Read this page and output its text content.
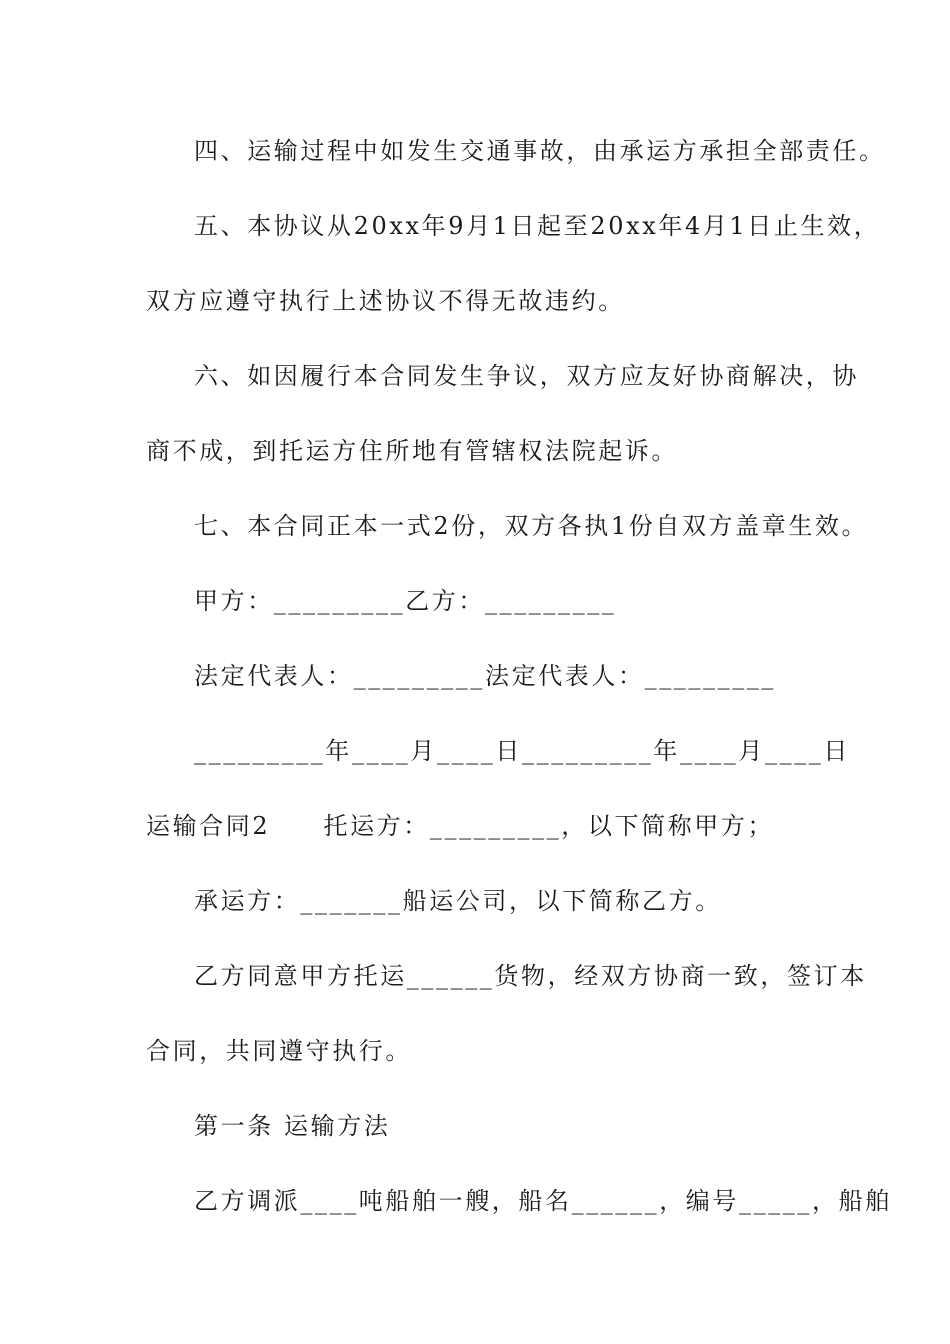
四、运输过程中如发生交通事故，由承运方承担全部责任。
五、本协议从20xx年9月1日起至20xx年4月1日止生效，
双方应遵守执行上述协议不得无故违约。
六、如因履行本合同发生争议，双方应友好协商解决，协
商不成，到托运方住所地有管辖权法院起诉。
七、本合同正本一式2份，双方各执1份自双方盖章生效。
甲方：_________乙方：_________
法定代表人：_________法定代表人：_________
_________年____月____日_________年____月____日
运输合同2　　托运方：_________，以下简称甲方；
承运方：_______船运公司，以下简称乙方。
乙方同意甲方托运______货物，经双方协商一致，签订本
合同，共同遵守执行。
第一条 运输方法
乙方调派____吨船舶一艘，船名______，编号_____，船舶
